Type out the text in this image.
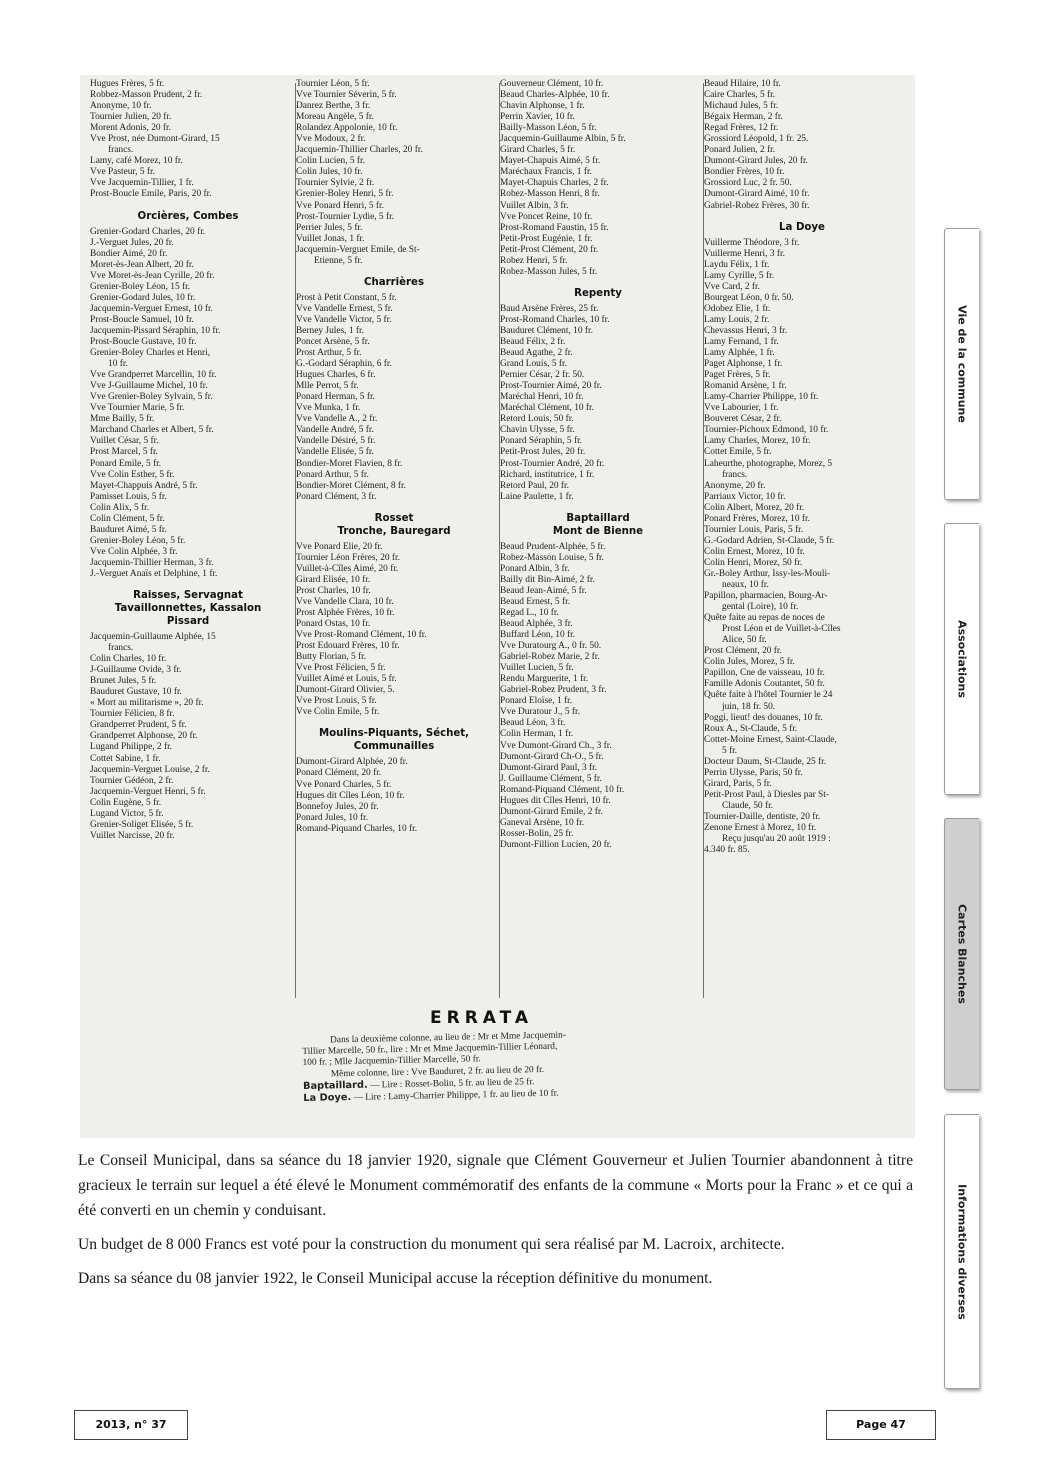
Hugues Frères, 5 fr.
Robbez-Masson Prudent, 2 fr.
Anonyme, 10 fr.
Tournier Julien, 20 fr.
Morent Adonis, 20 fr.
Vve Prost, née Dumont-Girard, 15
francs.
Lamy, café Morez, 10 fr.
Vve Pasteur, 5 fr.
Vve Jacquemin-Tillier, 1 fr.
Prost-Boucle Emile, Paris, 20 fr.
Orcières, Combes
Grenier-Godard Charles, 20 fr.
J.-Verguet Jules, 20 fr.
Bondier Aimé, 20 fr.
Moret-ès-Jean Albert, 20 fr.
Vve Moret-ès-Jean Cyrille, 20 fr.
Grenier-Boley Léon, 15 fr.
Grenier-Godard Jules, 10 fr.
Jacquemin-Verguet Ernest, 10 fr.
Prost-Boucle Samuel, 10 fr.
Jacquemin-Pissard Séraphin, 10 fr.
Prost-Boucle Gustave, 10 fr.
Grenier-Boley Charles et Henri,
10 fr.
Vve Grandperret Marcellin, 10 fr.
Vve J-Guillaume Michel, 10 fr.
Vve Grenier-Boley Sylvain, 5 fr.
Vve Tournier Marie, 5 fr.
Mme Bailly, 5 fr.
Marchand Charles et Albert, 5 fr.
Vuillet César, 5 fr.
Prost Marcel, 5 fr.
Ponard Emile, 5 fr.
Vve Colin Esther, 5 fr.
Mayet-Chappuis André, 5 fr.
Pamisset Louis, 5 fr.
Colin Alix, 5 fr.
Colin Clément, 5 fr.
Bauduret Aimé, 5 fr.
Grenier-Boley Léon, 5 fr.
Vve Colin Alphée, 3 fr.
Jacquemin-Thillier Herman, 3 fr.
J.-Verguet Anaïs et Delphine, 1 fr.
Raisses, Servagnat
Tavaillonnettes, Kassalon
Pissard
Jacquemin-Guillaume Alphée, 15
francs.
Colin Charles, 10 fr.
J-Guillaume Ovide, 3 fr.
Brunet Jules, 5 fr.
Bauduret Gustave, 10 fr.
« Mort au militarisme », 20 fr.
Tournier Félicien, 8 fr.
Grandperret Prudent, 5 fr.
Grandperret Alphonse, 20 fr.
Lugand Philippe, 2 fr.
Cottet Sabine, 1 fr.
Jacquemin-Verguet Louise, 2 fr.
Tournier Gédéon, 2 fr.
Jacquemin-Verguet Henri, 5 fr.
Colin Eugène, 5 fr.
Lugand Victor, 5 fr.
Grenier-Soliget Elisée, 5 fr.
Vuillet Narcisse, 20 fr.
Tournier Léon, 5 fr.
Vve Tournier Séverin, 5 fr.
Danrez Berthe, 3 fr.
Moreau Angèle, 5 fr.
Rolandez Appolonie, 10 fr.
Vve Modoux, 2 fr.
Jacquemin-Thillier Charles, 20 fr.
Colin Lucien, 5 fr.
Colin Jules, 10 fr.
Tournier Sylvie, 2 fr.
Grenier-Boley Henri, 5 fr.
Vve Ponard Henri, 5 fr.
Prost-Tournier Lydie, 5 fr.
Perrier Jules, 5 fr.
Vuillet Jonas, 1 fr.
Jacquemin-Verguet Emile, de St-
Etienne, 5 fr.
Charrières
Prost à Petit Constant, 5 fr.
Vve Vandelle Ernest, 5 fr.
Vve Vandelle Victor, 5 fr.
Berney Jules, 1 fr.
Poncet Arsène, 5 fr.
Prost Arthur, 5 fr.
G.-Godard Séraphin, 6 fr.
Hugues Charles, 6 fr.
Mlle Perrot, 5 fr.
Ponard Herman, 5 fr.
Vve Munka, 1 fr.
Vve Vandelle A., 2 fr.
Vandelle André, 5 fr.
Vandelle Désiré, 5 fr.
Vandelle Elisée, 5 fr.
Bondier-Moret Flavien, 8 fr.
Ponard Arthur, 5 fr.
Bondier-Moret Clément, 8 fr.
Ponard Clément, 3 fr.
Rosset
Tronche, Bauregard
Vve Ponard Elie, 20 fr.
Tournier Léon Frères, 20 fr.
Vuillet-à-Cîles Aimé, 20 fr.
Girard Elisée, 10 fr.
Prost Charles, 10 fr.
Vve Vandelle Clara, 10 fr.
Prost Alphée Frères, 10 fr.
Ponard Ostas, 10 fr.
Vve Prost-Romand Clément, 10 fr.
Prost Edouard Frères, 10 fr.
Butty Florian, 5 fr.
Vve Prost Félicien, 5 fr.
Vuillet Aimé et Louis, 5 fr.
Dumont-Girard Olivier, 5.
Vve Prost Louis, 5 fr.
Vve Colin Emile, 5 fr.
Moulins-Piquants, Séchet,
Communailles
Dumont-Girard Alphée, 20 fr.
Ponard Clément, 20 fr.
Vve Ponard Charles, 5 fr.
Hugues dit Cîles Léon, 10 fr.
Bonnefoy Jules, 20 fr.
Ponard Jules, 10 fr.
Romand-Piquand Charles, 10 fr.
Gouverneur Clément, 10 fr.
Beaud Charles-Alphée, 10 fr.
Chavin Alphonse, 1 fr.
Perrin Xavier, 10 fr.
Bailly-Masson Léon, 5 fr.
Jacquemin-Guillaume Albin, 5 fr.
Girard Charles, 5 fr.
Mayet-Chapuis Aimé, 5 fr.
Maréchaux Francis, 1 fr.
Mayet-Chapuis Charles, 2 fr.
Robez-Masson Henri, 8 fr.
Vuillet Albin, 3 fr.
Vve Poncet Reine, 10 fr.
Prost-Romand Faustin, 15 fr.
Petit-Prost Eugénie, 1 fr.
Petit-Prost Clément, 20 fr.
Robez Henri, 5 fr.
Robez-Masson Jules, 5 fr.
Repenty
Baud Arsène Frères, 25 fr.
Prost-Romand Charles, 10 fr.
Bauduret Clément, 10 fr.
Beaud Félix, 2 fr.
Beaud Agathe, 2 fr.
Grand Louis, 5 fr.
Pernier César, 2 fr. 50.
Prost-Tournier Aimé, 20 fr.
Maréchal Henri, 10 fr.
Maréchal Clément, 10 fr.
Retord Louis, 50 fr.
Chavin Ulysse, 5 fr.
Ponard Séraphin, 5 fr.
Petit-Prost Jules, 20 fr.
Prost-Tournier André, 20 fr.
Richard, institutrice, 1 fr.
Retord Paul, 20 fr.
Laine Paulette, 1 fr.
Baptaillard
Mont de Bienne
Beaud Prudent-Alphée, 5 fr.
Robez-Masson Louise, 5 fr.
Ponard Albin, 3 fr.
Bailly dit Bin-Aimé, 2 fr.
Beaud Jean-Aimé, 5 fr.
Beaud Ernest, 5 fr.
Regad L., 10 fr.
Beaud Alphée, 3 fr.
Buffard Léon, 10 fr.
Vve Duratourg A., 0 fr. 50.
Gabriel-Robez Marie, 2 fr.
Vuillet Lucien, 5 fr.
Rendu Marguerite, 1 fr.
Gabriel-Robez Prudent, 3 fr.
Ponard Eloïse, 1 fr.
Vve Duratour J., 5 fr.
Beaud Léon, 3 fr.
Colin Herman, 1 fr.
Vve Dumont-Girard Ch., 3 fr.
Dumont-Girard Ch-O., 5 fr.
Dumont-Girard Paul, 3 fr.
J. Guillaume Clément, 5 fr.
Romand-Piquand Clément, 10 fr.
Hugues dit Cîles Henri, 10 fr.
Dumont-Girard Emile, 2 fr.
Ganeval Arsène, 10 fr.
Rosset-Bolin, 25 fr.
Dumont-Fillion Lucien, 20 fr.
Beaud Hilaire, 10 fr.
Caire Charles, 5 fr.
Michaud Jules, 5 fr.
Bégaix Herman, 2 fr.
Regad Frères, 12 fr.
Grossiord Léopold, 1 fr. 25.
Ponard Julien, 2 fr.
Dumont-Girard Jules, 20 fr.
Bondier Frères, 10 fr.
Grossiord Luc, 2 fr. 50.
Dumont-Girard Aimé, 10 fr.
Gabriel-Robez Frères, 30 fr.
La Doye
Vuillerme Théodore, 3 fr.
Vuillerme Henri, 3 fr.
Laydu Félix, 1 fr.
Lamy Cyrille, 5 fr.
Vve Card, 2 fr.
Bourgeat Léon, 0 fr. 50.
Odobez Elie, 1 fr.
Lamy Louis, 2 fr.
Chevassus Henri, 3 fr.
Lamy Fernand, 1 fr.
Lamy Alphée, 1 fr.
Paget Alphonse, 1 fr.
Paget Frères, 5 fr.
Romanid Arsène, 1 fr.
Lamy-Charrier Philippe, 10 fr.
Vve Labourier, 1 fr.
Bouveret César, 2 fr.
Tournier-Pichoux Edmond, 10 fr.
Lamy Charles, Morez, 10 fr.
Cottet Emile, 5 fr.
Laheurthe, photographe, Morez, 5
francs.
Anonyme, 20 fr.
Parriaux Victor, 10 fr.
Colin Albert, Morez, 20 fr.
Ponard Frères, Morez, 10 fr.
Tournier Louis, Paris, 5 fr.
G.-Godard Adrien, St-Claude, 5 fr.
Colin Ernest, Morez, 10 fr.
Colin Henri, Morez, 50 fr.
Gr.-Boley Arthur, Issy-les-Mouli-
neaux, 10 fr.
Papillon, pharmacien, Bourg-Ar-
gental (Loire), 10 fr.
Quête faite au repas de noces de
Prost Léon et de Vuillet-à-Cîles
Alice, 50 fr.
Prost Clément, 20 fr.
Colin Jules, Morez, 5 fr.
Papillon, Cne de vaisseau, 10 fr.
Famille Adonis Coutantet, 50 fr.
Quête faite à l'hôtel Tournier le 24
juin, 18 fr. 50.
Poggi, lieut! des douanes, 10 fr.
Roux A., St-Claude, 5 fr.
Cottet-Moine Ernest, Saint-Claude,
5 fr.
Docteur Daum, St-Claude, 25 fr.
Perrin Ulysse, Paris, 50 fr.
Girard, Paris, 5 fr.
Petit-Prost Paul, à Diesles par St-
Claude, 50 fr.
Tournier-Daille, dentiste, 20 fr.
Zenone Ernest à Morez, 10 fr.
Reçu jusqu'au 20 août 1919 :
4.340 fr. 85.
ERRATA
Dans la deuxième colonne, au lieu de : Mr et Mme Jacquemin-
Tillier Marcelle, 50 fr., lire : Mr et Mme Jacquemin-Tillier Léonard,
100 fr. ; Mlle Jacquemin-Tillier Marcelle, 50 fr.
Même colonne, lire : Vve Bauduret, 2 fr. au lieu de 20 fr.
Baptaillard. — Lire : Rosset-Bolin, 5 fr. au lieu de 25 fr.
La Doye. — Lire : Lamy-Charrier Philippe, 1 fr. au lieu de 10 fr.

Le Conseil Municipal, dans sa séance du 18 janvier 1920, signale que Clément Gouverneur et Julien Tournier abandonnent à titre gracieux le terrain sur lequel a été élevé le Monument commémoratif des enfants de la commune « Morts pour la Franc » et ce qui a été converti en un chemin y conduisant.

Un budget de 8 000 Francs est voté pour la construction du monument qui sera réalisé par M. Lacroix, architecte.

Dans sa séance du 08 janvier 1922, le Conseil Municipal accuse la réception définitive du monument.

Vie de la commune
Associations
Cartes Blanches
Informations diverses
2013, n° 37	Page 47
